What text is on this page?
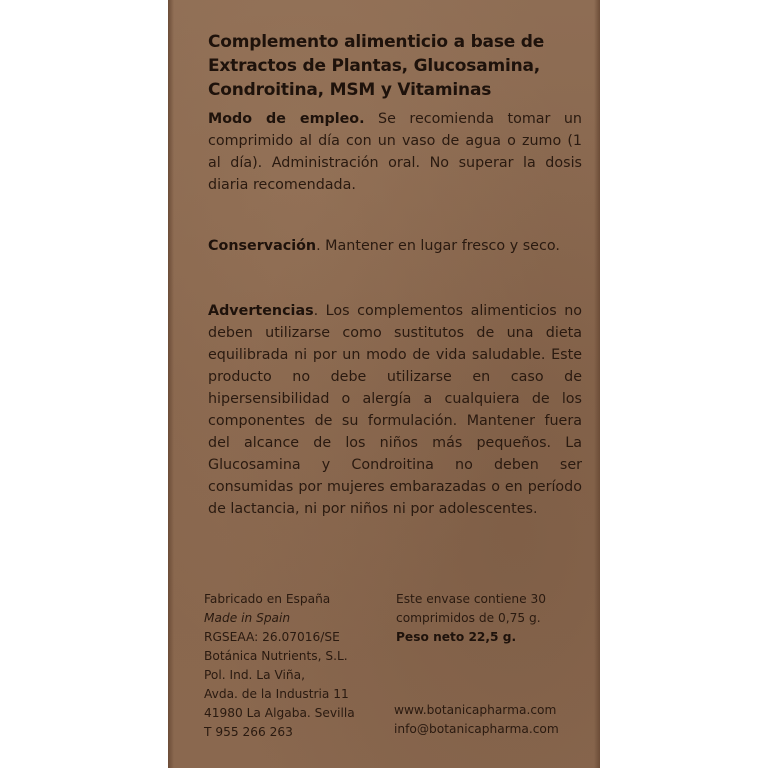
Complemento alimenticio a base de Extractos de Plantas, Glucosamina, Condroitina, MSM y Vitaminas
Modo de empleo. Se recomienda tomar un comprimido al día con un vaso de agua o zumo (1 al día). Administración oral. No superar la dosis diaria recomendada.
Conservación. Mantener en lugar fresco y seco.
Advertencias. Los complementos alimenticios no deben utilizarse como sustitutos de una dieta equilibrada ni por un modo de vida saludable. Este producto no debe utilizarse en caso de hipersensibilidad o alergía a cualquiera de los componentes de su formulación. Mantener fuera del alcance de los niños más pequeños. La Glucosamina y Condroitina no deben ser consumidas por mujeres embarazadas o en período de lactancia, ni por niños ni por adolescentes.
Fabricado en España
Made in Spain
RGSEAA: 26.07016/SE
Botánica Nutrients, S.L.
Pol. Ind. La Viña,
Avda. de la Industria 11
41980 La Algaba. Sevilla
T 955 266 263
Este envase contiene 30
comprimidos de 0,75 g.
Peso neto 22,5 g.
www.botanicapharma.com
info@botanicapharma.com
